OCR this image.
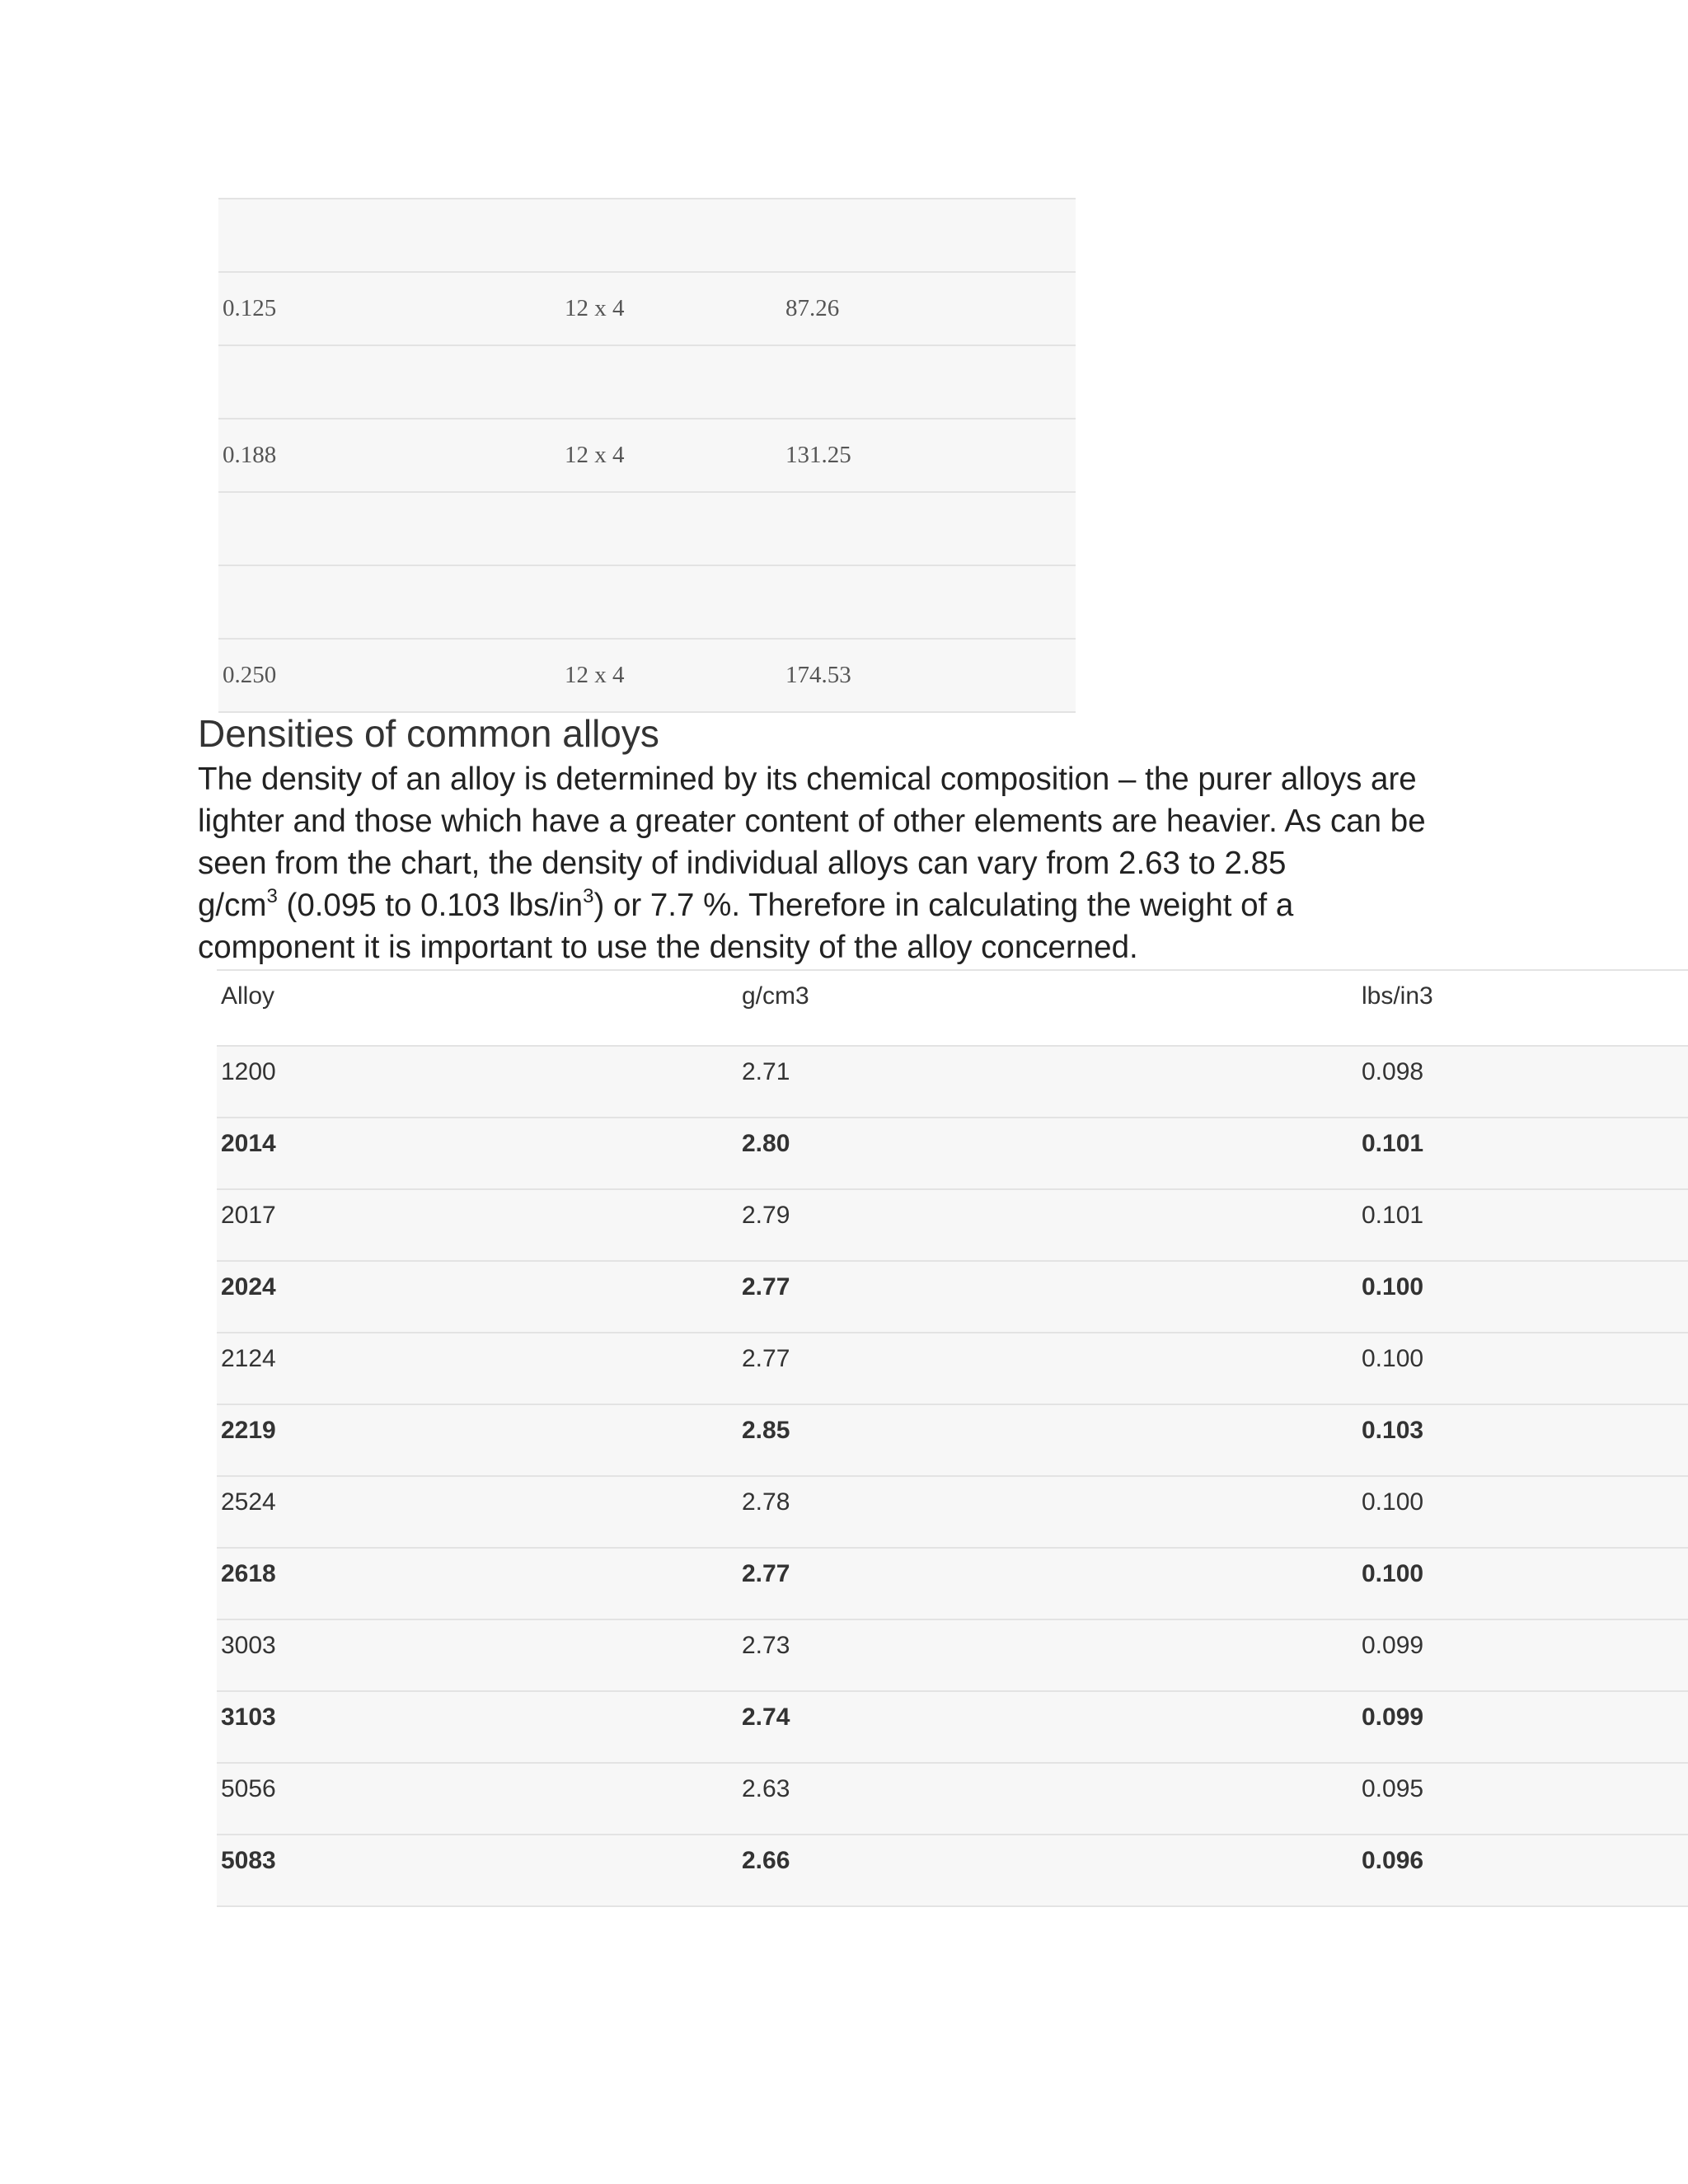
0.125	12 x 4	87.26

0.188	12 x 4	131.25

0.250	12 x 4	174.53
Densities of common alloys

The density of an alloy is determined by its chemical composition – the purer alloys are
lighter and those which have a greater content of other elements are heavier. As can be
seen from the chart, the density of individual alloys can vary from 2.63 to 2.85
$g/cm^3$ (0.095 to 0.103 lbs/$in^3$) or 7.7 %. Therefore in calculating the weight of a
component it is important to use the density of the alloy concerned.

Alloy	g/cm3	lbs/in3
1200	2.71	0.098
2014	2.80	0.101
2017	2.79	0.101
2024	2.77	0.100
2124	2.77	0.100
2219	2.85	0.103
2524	2.78	0.100
2618	2.77	0.100
3003	2.73	0.099
3103	2.74	0.099
5056	2.63	0.095
5083	2.66	0.096
